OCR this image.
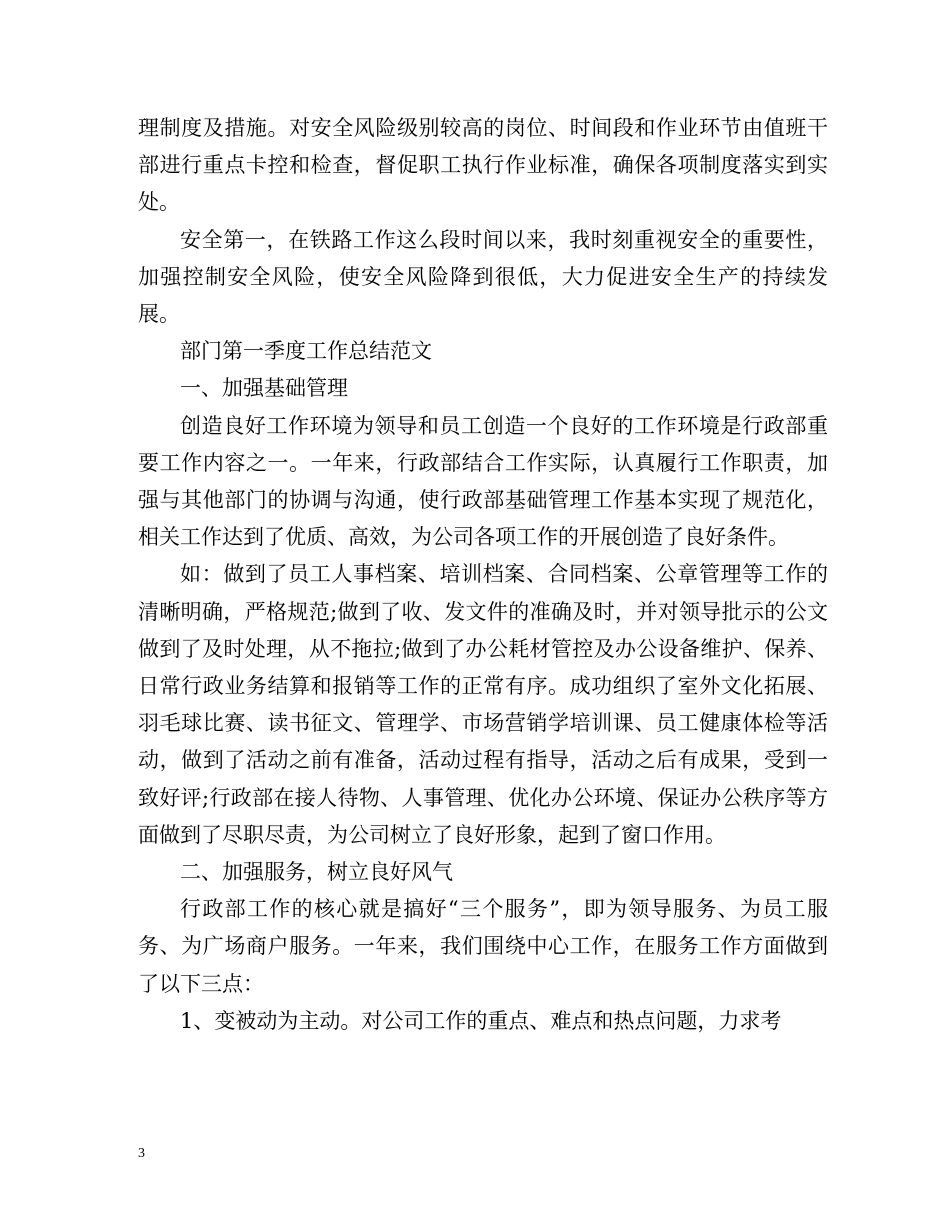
理制度及措施。对安全风险级别较高的岗位、时间段和作业环节由值班干部进行重点卡控和检查，督促职工执行作业标准，确保各项制度落实到实处。

安全第一，在铁路工作这么段时间以来，我时刻重视安全的重要性，加强控制安全风险，使安全风险降到很低，大力促进安全生产的持续发展。

部门第一季度工作总结范文

一、加强基础管理

创造良好工作环境为领导和员工创造一个良好的工作环境是行政部重要工作内容之一。一年来，行政部结合工作实际，认真履行工作职责，加强与其他部门的协调与沟通，使行政部基础管理工作基本实现了规范化，相关工作达到了优质、高效，为公司各项工作的开展创造了良好条件。

如：做到了员工人事档案、培训档案、合同档案、公章管理等工作的清晰明确，严格规范;做到了收、发文件的准确及时，并对领导批示的公文做到了及时处理，从不拖拉;做到了办公耗材管控及办公设备维护、保养、日常行政业务结算和报销等工作的正常有序。成功组织了室外文化拓展、羽毛球比赛、读书征文、管理学、市场营销学培训课、员工健康体检等活动，做到了活动之前有准备，活动过程有指导，活动之后有成果，受到一致好评;行政部在接人待物、人事管理、优化办公环境、保证办公秩序等方面做到了尽职尽责，为公司树立了良好形象，起到了窗口作用。

二、加强服务，树立良好风气

行政部工作的核心就是搞好“三个服务”，即为领导服务、为员工服务、为广场商户服务。一年来，我们围绕中心工作，在服务工作方面做到了以下三点：

1、变被动为主动。对公司工作的重点、难点和热点问题，力求考

3
